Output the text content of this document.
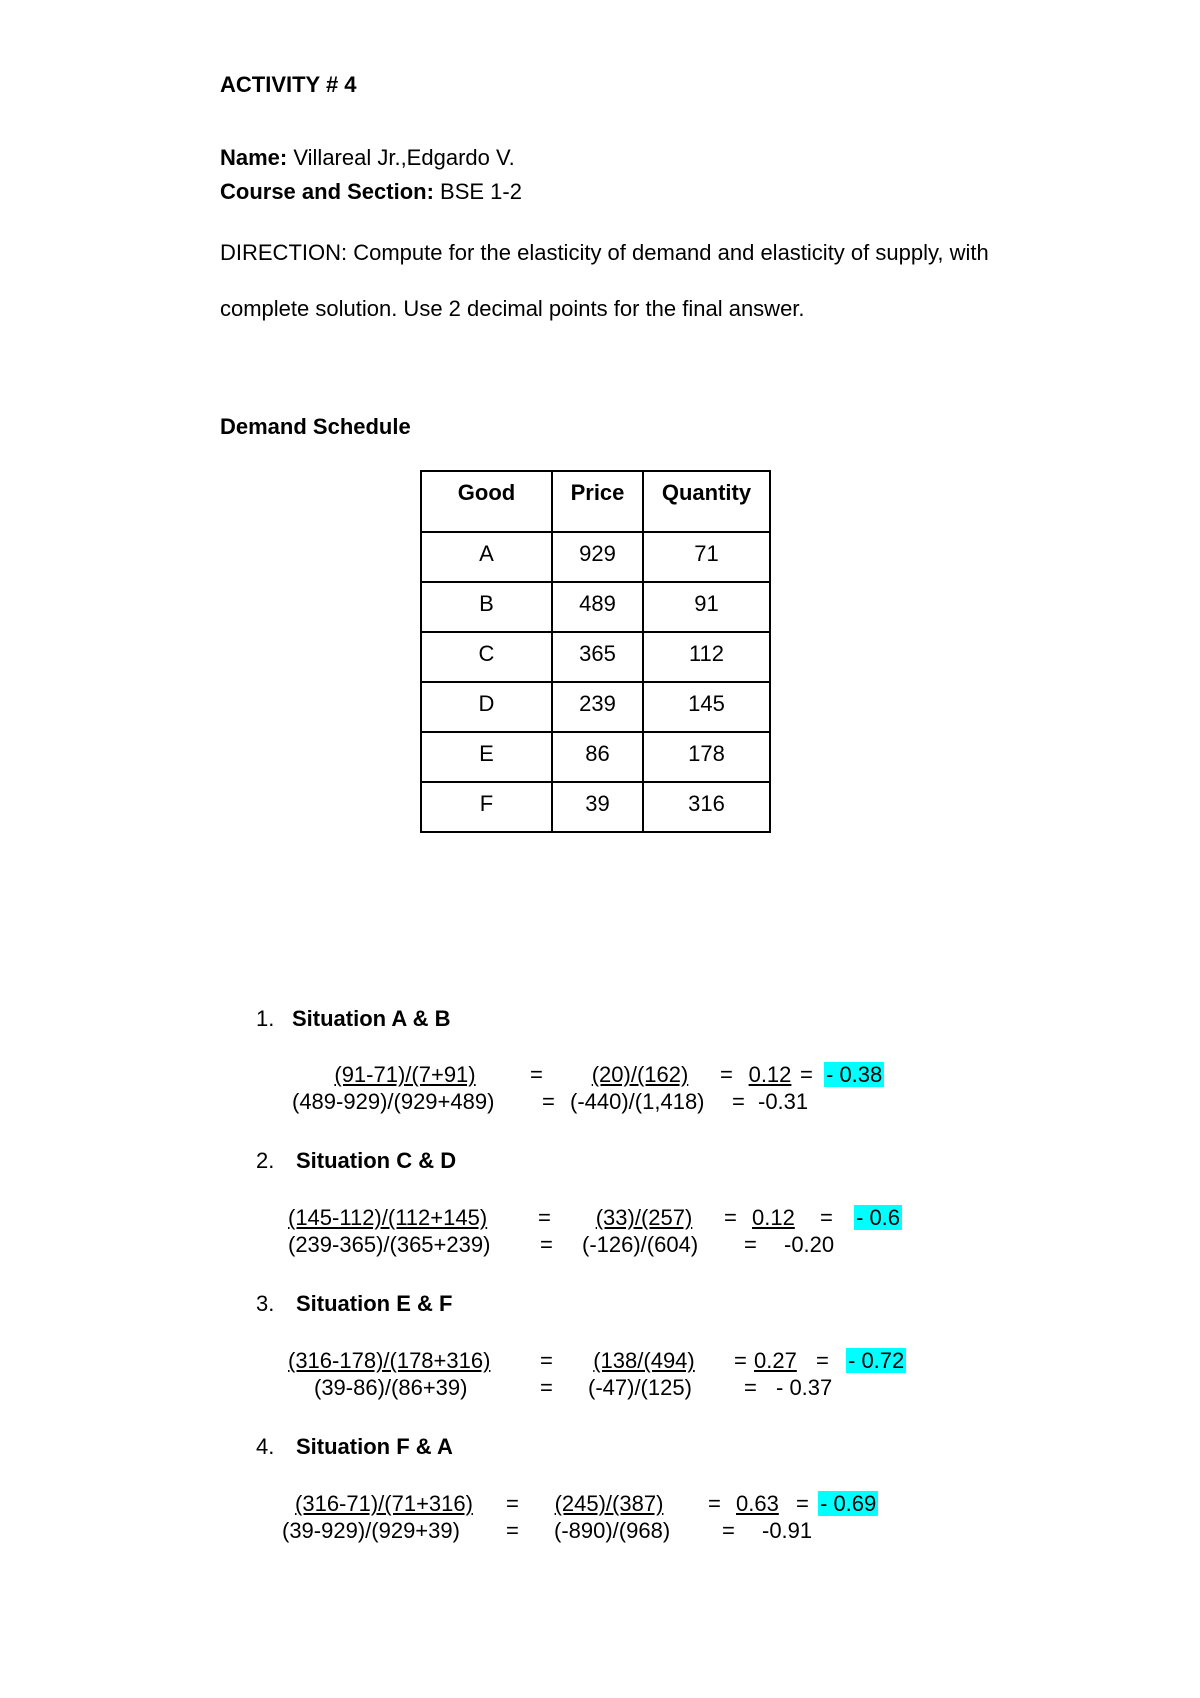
ACTIVITY # 4
Name: Villareal Jr.,Edgardo V.
Course and Section: BSE 1-2
DIRECTION: Compute for the elasticity of demand and elasticity of supply, with
complete solution. Use 2 decimal points for the final answer.
Demand Schedule
Good	Price	Quantity
A	929	71
B	489	91
C	365	112
D	239	145
E	86	178
F	39	316
1. Situation A & B
(91-71)/(7+91)	=	(20)/(162)	= 0.12 = - 0.38
(489-929)/(929+489) = (-440)/(1,418) = -0.31
2. Situation C & D
(145-112)/(112+145) =	(33)/(257)	= 0.12	= - 0.6
(239-365)/(365+239) = (-126)/(604) = -0.20
3. Situation E & F
(316-178)/(178+316) =	(138/(494)	= 0.27 = - 0.72
(39-86)/(86+39)	= (-47)/(125) = - 0.37
4. Situation F & A
(316-71)/(71+316)	=	(245)/(387)	= 0.63 = - 0.69
(39-929)/(929+39) = (-890)/(968) = -0.91
